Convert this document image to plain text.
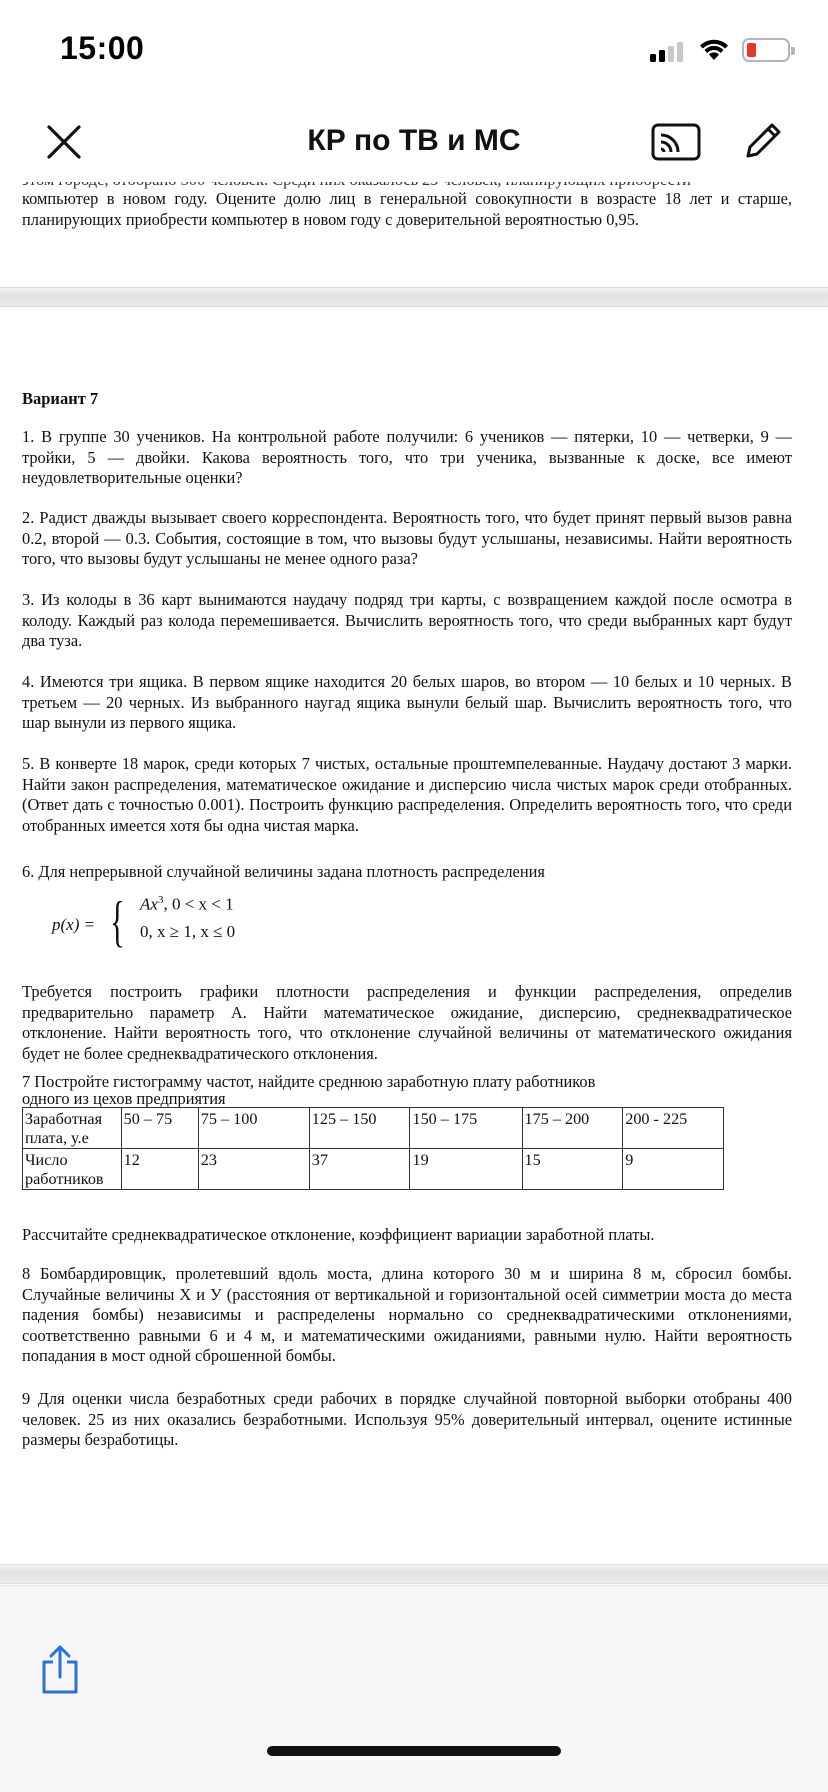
15:00
КР по ТВ и МС
компьютер в новом году. Оцените долю лиц в генеральной совокупности в возрасте 18 лет и старше, планирующих приобрести компьютер в новом году с доверительной вероятностью 0,95.
Вариант 7
1. В группе 30 учеников. На контрольной работе получили: 6 учеников — пятерки, 10 — четверки, 9 — тройки, 5 — двойки. Какова вероятность того, что три ученика, вызванные к доске, все имеют неудовлетворительные оценки?
2. Радист дважды вызывает своего корреспондента. Вероятность того, что будет принят первый вызов равна 0.2, второй — 0.3. События, состоящие в том, что вызовы будут услышаны, независимы. Найти вероятность того, что вызовы будут услышаны не менее одного раза?
3. Из колоды в 36 карт вынимаются наудачу подряд три карты, с возвращением каждой после осмотра в колоду. Каждый раз колода перемешивается. Вычислить вероятность того, что среди выбранных карт будут два туза.
4. Имеются три ящика. В первом ящике находится 20 белых шаров, во втором — 10 белых и 10 черных. В третьем — 20 черных. Из выбранного наугад ящика вынули белый шар. Вычислить вероятность того, что шар вынули из первого ящика.
5. В конверте 18 марок, среди которых 7 чистых, остальные проштемпелеванные. Наудачу достают 3 марки. Найти закон распределения, математическое ожидание и дисперсию числа чистых марок среди отобранных. (Ответ дать с точностью 0.001). Построить функцию распределения. Определить вероятность того, что среди отобранных имеется хотя бы одна чистая марка.
6. Для непрерывной случайной величины задана плотность распределения
p(x) = { Ax$^3$, 0 < x < 1
0, x ≥ 1, x ≤ 0
Требуется построить графики плотности распределения и функции распределения, определив предварительно параметр А. Найти математическое ожидание, дисперсию, среднеквадратическое отклонение. Найти вероятность того, что отклонение случайной величины от математического ожидания будет не более среднеквадратического отклонения.
7 Постройте гистограмму частот, найдите среднюю заработную плату работников
одного из цехов предприятия
Заработная плата, у.е	50 – 75	75 – 100	125 – 150	150 – 175	175 – 200	200 - 225
Число работников	12	23	37	19	15	9
Рассчитайте среднеквадратическое отклонение, коэффициент вариации заработной платы.
8 Бомбардировщик, пролетевший вдоль моста, длина которого 30 м и ширина 8 м, сбросил бомбы. Случайные величины Х и У (расстояния от вертикальной и горизонтальной осей симметрии моста до места падения бомбы) независимы и распределены нормально со среднеквадратическими отклонениями, соответственно равными 6 и 4 м, и математическими ожиданиями, равными нулю. Найти вероятность попадания в мост одной сброшенной бомбы.
9 Для оценки числа безработных среди рабочих в порядке случайной повторной выборки отобраны 400 человек. 25 из них оказались безработными. Используя 95% доверительный интервал, оцените истинные размеры безработицы.
